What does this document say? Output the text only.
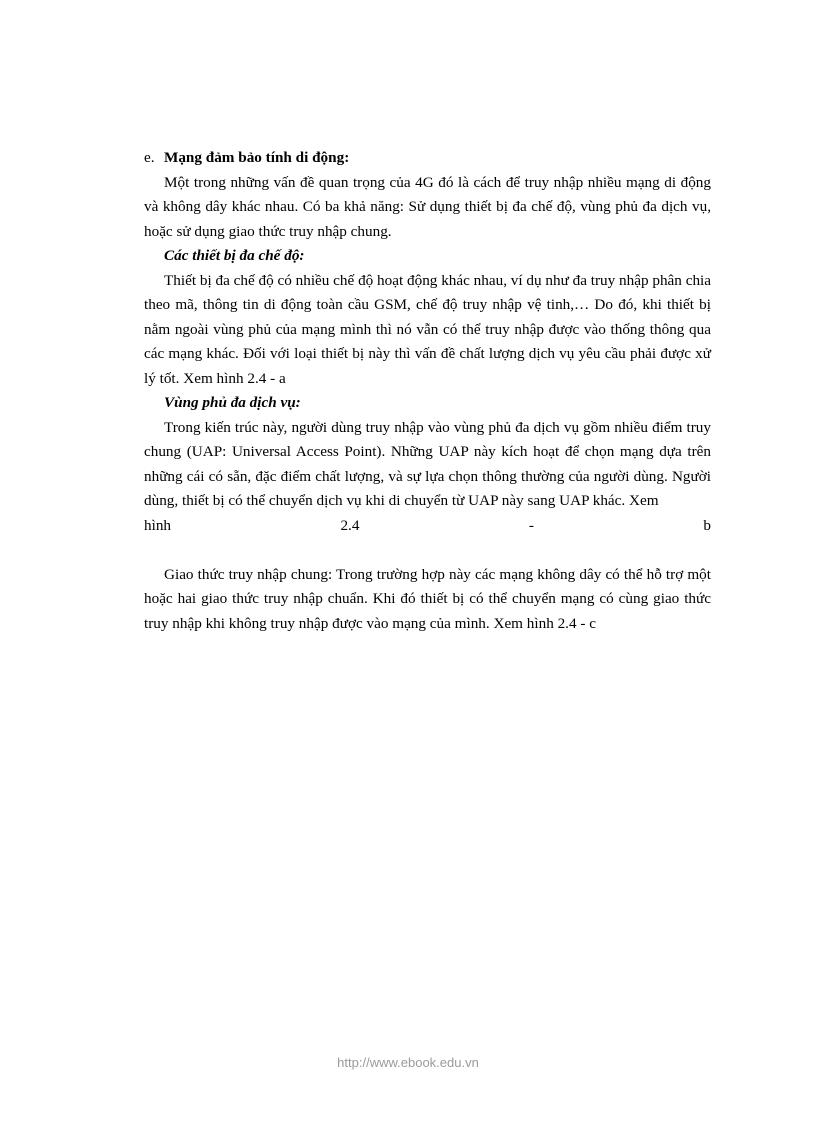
e. Mạng đảm bảo tính di động:

Một trong những vấn đề quan trọng của 4G đó là cách để truy nhập nhiều mạng di động và không dây khác nhau. Có ba khả năng: Sử dụng thiết bị đa chế độ, vùng phủ đa dịch vụ, hoặc sử dụng giao thức truy nhập chung.

Các thiết bị đa chế độ:

Thiết bị đa chế độ có nhiều chế độ hoạt động khác nhau, ví dụ như đa truy nhập phân chia theo mã, thông tin di động toàn cầu GSM, chế độ truy nhập vệ tinh,… Do đó, khi thiết bị nằm ngoài vùng phủ của mạng mình thì nó vẫn có thể truy nhập được vào thống thông qua các mạng khác. Đối với loại thiết bị này thì vấn đề chất lượng dịch vụ yêu cầu phải được xử lý tốt. Xem hình 2.4 - a

Vùng phủ đa dịch vụ:

Trong kiến trúc này, người dùng truy nhập vào vùng phủ đa dịch vụ gồm nhiều điểm truy chung (UAP: Universal Access Point). Những UAP này kích hoạt để chọn mạng dựa trên những cái có sẵn, đặc điểm chất lượng, và sự lựa chọn thông thường của người dùng. Người dùng, thiết bị có thể chuyển dịch vụ khi di chuyển từ UAP này sang UAP khác. Xem

hình	2.4	-	b

Giao thức truy nhập chung: Trong trường hợp này các mạng không dây có thể hỗ trợ một hoặc hai giao thức truy nhập chuẩn. Khi đó thiết bị có thể chuyển mạng có cùng giao thức truy nhập khi không truy nhập được vào mạng của mình. Xem hình 2.4 - c

http://www.ebook.edu.vn
